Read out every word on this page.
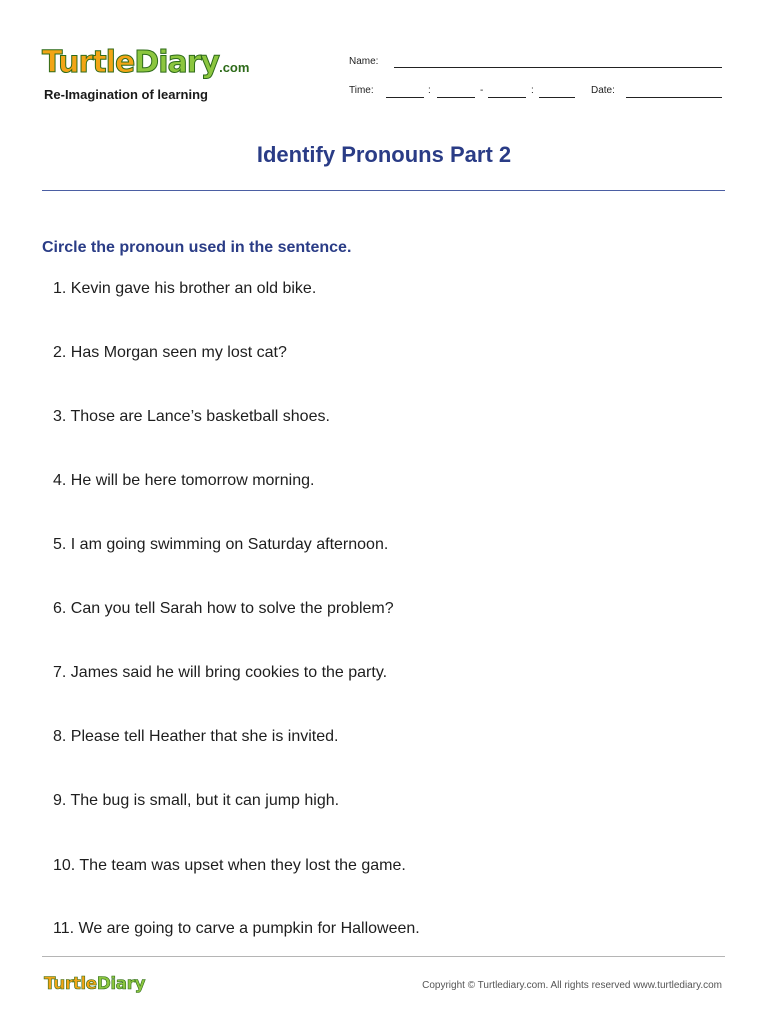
TurtleDiary.com
Re-Imagination of learning
Name:
Time:	:	-	:	Date:
Identify Pronouns Part 2
Circle the pronoun used in the sentence.
1. Kevin gave his brother an old bike.
2. Has Morgan seen my lost cat?
3. Those are Lance’s basketball shoes.
4. He will be here tomorrow morning.
5. I am going swimming on Saturday afternoon.
6. Can you tell Sarah how to solve the problem?
7. James said he will bring cookies to the party.
8. Please tell Heather that she is invited.
9. The bug is small, but it can jump high.
10. The team was upset when they lost the game.
11. We are going to carve a pumpkin for Halloween.
TurtleDiary	Copyright © Turtlediary.com. All rights reserved www.turtlediary.com
